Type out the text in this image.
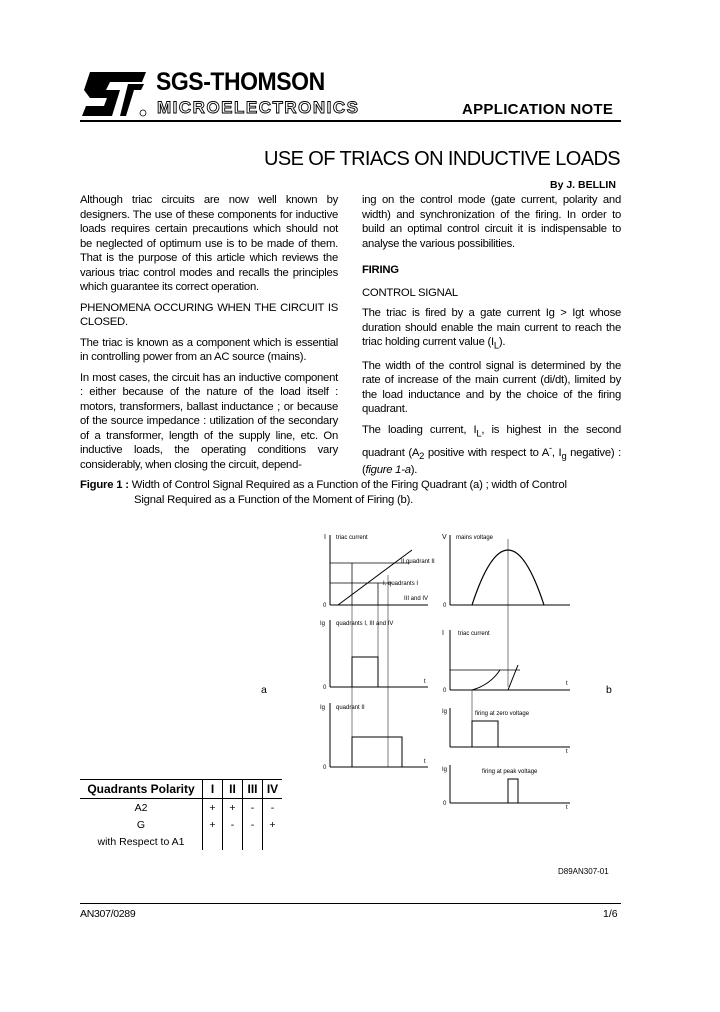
SGS-THOMSON
MICROELECTRONICS	APPLICATION NOTE
USE OF TRIACS ON INDUCTIVE LOADS
By J. BELLIN

Although triac circuits are now well known by designers. The use of these components for inductive loads requires certain precautions which should not be neglected of optimum use is to be made of them. That is the purpose of this article which reviews the various triac control modes and recalls the principles which guarantee its correct operation.

PHENOMENA OCCURING WHEN THE CIRCUIT IS CLOSED.

The triac is known as a component which is essential in controlling power from an AC source (mains).

In most cases, the circuit has an inductive component : either because of the nature of the load itself : motors, transformers, ballast inductance ; or because of the source impedance : utilization of the secondary of a transformer, length of the supply line, etc. On inductive loads, the operating conditions vary considerably, when closing the circuit, depend-

ing on the control mode (gate current, polarity and width) and synchronization of the firing. In order to build an optimal control circuit it is indispensable to analyse the various possibilities.

FIRING

CONTROL SIGNAL

The triac is fired by a gate current Ig > Igt whose duration should enable the main current to reach the triac holding current value $(I_L)$.

The width of the control signal is determined by the rate of increase of the main current (di/dt), limited by the load inductance and by the choice of the firing quadrant.

The loading current, $I_L$, is highest in the second quadrant ($A_2$ positive with respect to A-, $I_g$ negative) : (figure 1-a).

Figure 1 : Width of Control Signal Required as a Function of the Firing Quadrant (a) ; width of Control
Signal Required as a Function of the Moment of Firing (b).
I
0
triac current
II quadrant II
I, quadrants I
III and IV
Ig quadrants I, III and IV
0
t
Ig quadrant II
0
t
V
0
mains voltage
I
0
triac current
t
Ig	firing at zero voltage
t
Ig	firing at peak voltage
0
t
a	b
D89AN307-01
Quadrants Polarity	I	II	III	IV
A2	+	+	-	-
G	+	-	-	+
with Respect to A1				
AN307/0289	1/6
